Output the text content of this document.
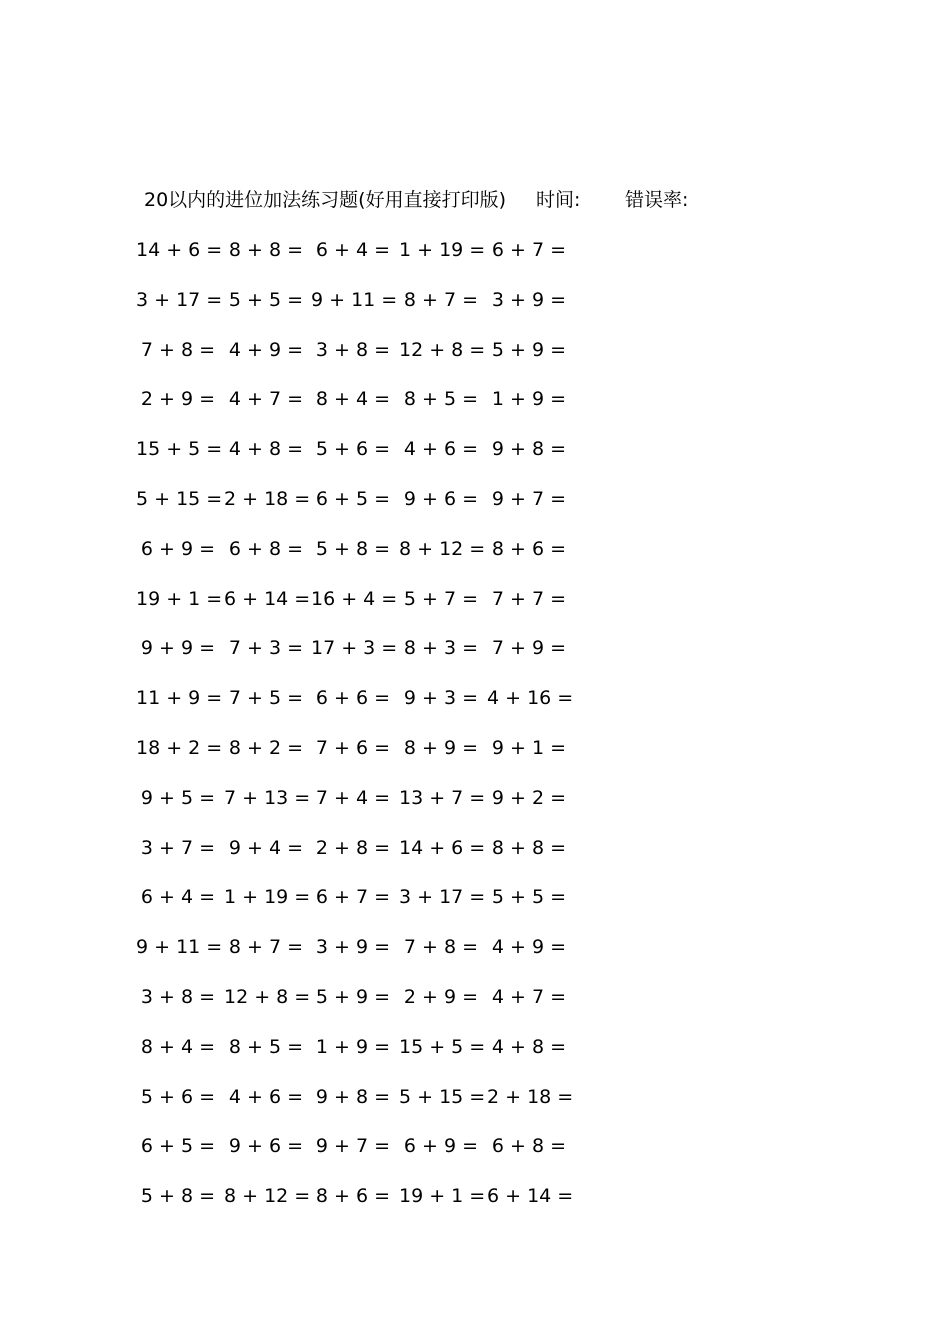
20以内的进位加法练习题(好用直接打印版) 时间: 错误率:
14 + 6 = 8 + 8 = 6 + 4 = 1 + 19 = 6 + 7 =
3 + 17 = 5 + 5 = 9 + 11 = 8 + 7 = 3 + 9 =
7 + 8 = 4 + 9 = 3 + 8 = 12 + 8 = 5 + 9 =
2 + 9 = 4 + 7 = 8 + 4 = 8 + 5 = 1 + 9 =
15 + 5 = 4 + 8 = 5 + 6 = 4 + 6 = 9 + 8 =
5 + 15 = 2 + 18 = 6 + 5 = 9 + 6 = 9 + 7 =
6 + 9 = 6 + 8 = 5 + 8 = 8 + 12 = 8 + 6 =
19 + 1 = 6 + 14 = 16 + 4 = 5 + 7 = 7 + 7 =
9 + 9 = 7 + 3 = 17 + 3 = 8 + 3 = 7 + 9 =
11 + 9 = 7 + 5 = 6 + 6 = 9 + 3 = 4 + 16 =
18 + 2 = 8 + 2 = 7 + 6 = 8 + 9 = 9 + 1 =
9 + 5 = 7 + 13 = 7 + 4 = 13 + 7 = 9 + 2 =
3 + 7 = 9 + 4 = 2 + 8 = 14 + 6 = 8 + 8 =
6 + 4 = 1 + 19 = 6 + 7 = 3 + 17 = 5 + 5 =
9 + 11 = 8 + 7 = 3 + 9 = 7 + 8 = 4 + 9 =
3 + 8 = 12 + 8 = 5 + 9 = 2 + 9 = 4 + 7 =
8 + 4 = 8 + 5 = 1 + 9 = 15 + 5 = 4 + 8 =
5 + 6 = 4 + 6 = 9 + 8 = 5 + 15 = 2 + 18 =
6 + 5 = 9 + 6 = 9 + 7 = 6 + 9 = 6 + 8 =
5 + 8 = 8 + 12 = 8 + 6 = 19 + 1 = 6 + 14 =
